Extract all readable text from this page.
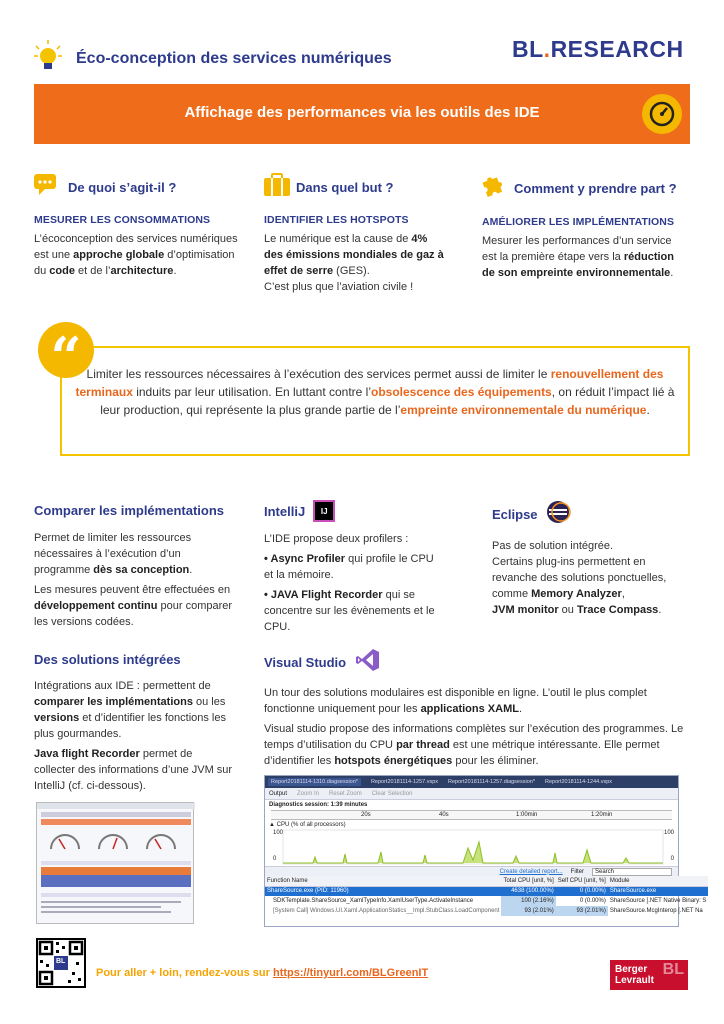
Éco-conception des services numériques	BL.RESEARCH
Affichage des performances via les outils des IDE
De quoi s’agit-il ?
MESURER LES CONSOMMATIONS
L’écoconception des services numériques est une approche globale d’optimisation du code et de l’architecture.
Dans quel but ?
IDENTIFIER LES HOTSPOTS
Le numérique est la cause de 4% des émissions mondiales de gaz à effet de serre (GES).
C’est plus que l’aviation civile !
Comment y prendre part ?
AMÉLIORER LES IMPLÉMENTATIONS
Mesurer les performances d’un service est la première étape vers la réduction de son empreinte environnementale.
“ Limiter les ressources nécessaires à l’exécution des services permet aussi de limiter le renouvellement des terminaux induits par leur utilisation. En luttant contre l’obsolescence des équipements, on réduit l’impact lié à leur production, qui représente la plus grande partie de l’empreinte environnementale du numérique.
Comparer les implémentations

Permet de limiter les ressources nécessaires à l’exécution d’un programme dès sa conception.

Les mesures peuvent être effectuées en développement continu pour comparer les versions codées.

IntelliJ	IJ

L’IDE propose deux profilers :

• Async Profiler qui profile le CPU et la mémoire.

• JAVA Flight Recorder qui se concentre sur les évènements et le CPU.

Eclipse
Pas de solution intégrée.
Certains plug-ins permettent en revanche des solutions ponctuelles, comme Memory Analyzer,
JVM monitor ou Trace Compass.
Des solutions intégrées

Intégrations aux IDE : permettent de comparer les implémentations ou les versions et d’identifier les fonctions les plus gourmandes.

Java flight Recorder permet de collecter des informations d’une JVM sur IntelliJ (cf. ci-dessous).

Visual Studio

Un tour des solutions modulaires est disponible en ligne. L’outil le plus complet fonctionne uniquement pour les applications XAML.

Visual studio propose des informations complètes sur l’exécution des programmes. Le temps d’utilisation du CPU par thread est une métrique intéressante. Elle permet d’identifier les hotspots énergétiques pour les éliminer.

Report20181114-1310.diagsession*	Report20181114-1257.vspx Report20181114-1257.diagsession* Report20181114-1244.vspx
Output Zoom In Reset Zoom Clear Selection
Diagnostics session: 1:39 minutes
20s	40s	1:00min	1:20min
▲ CPU (% of all processors)
100
0
100
0
Create detailed report... Filter	Search
Function Name	Total CPU [unit, %]	Self CPU [unit, %]	Module
ShareSource.exe (PID: 11960)	4638 (100.00%)	0 (0.00%)	ShareSource.exe
SDKTemplate.ShareSource_XamlTypeInfo.XamlUserType.ActivateInstance	100 (2.16%)	0 (0.00%)	ShareSource [.NET Native Binary: S
[System Call] Windows.UI.Xaml.ApplicationStatics__Impl.StubClass.LoadComponent	93 (2.01%)	93 (2.01%)	ShareSource.McgInterop [.NET Na
BL
Pour aller + loin, rendez-vous sur https://tinyurl.com/BLGreenIT	Berger
Levrault
BL
